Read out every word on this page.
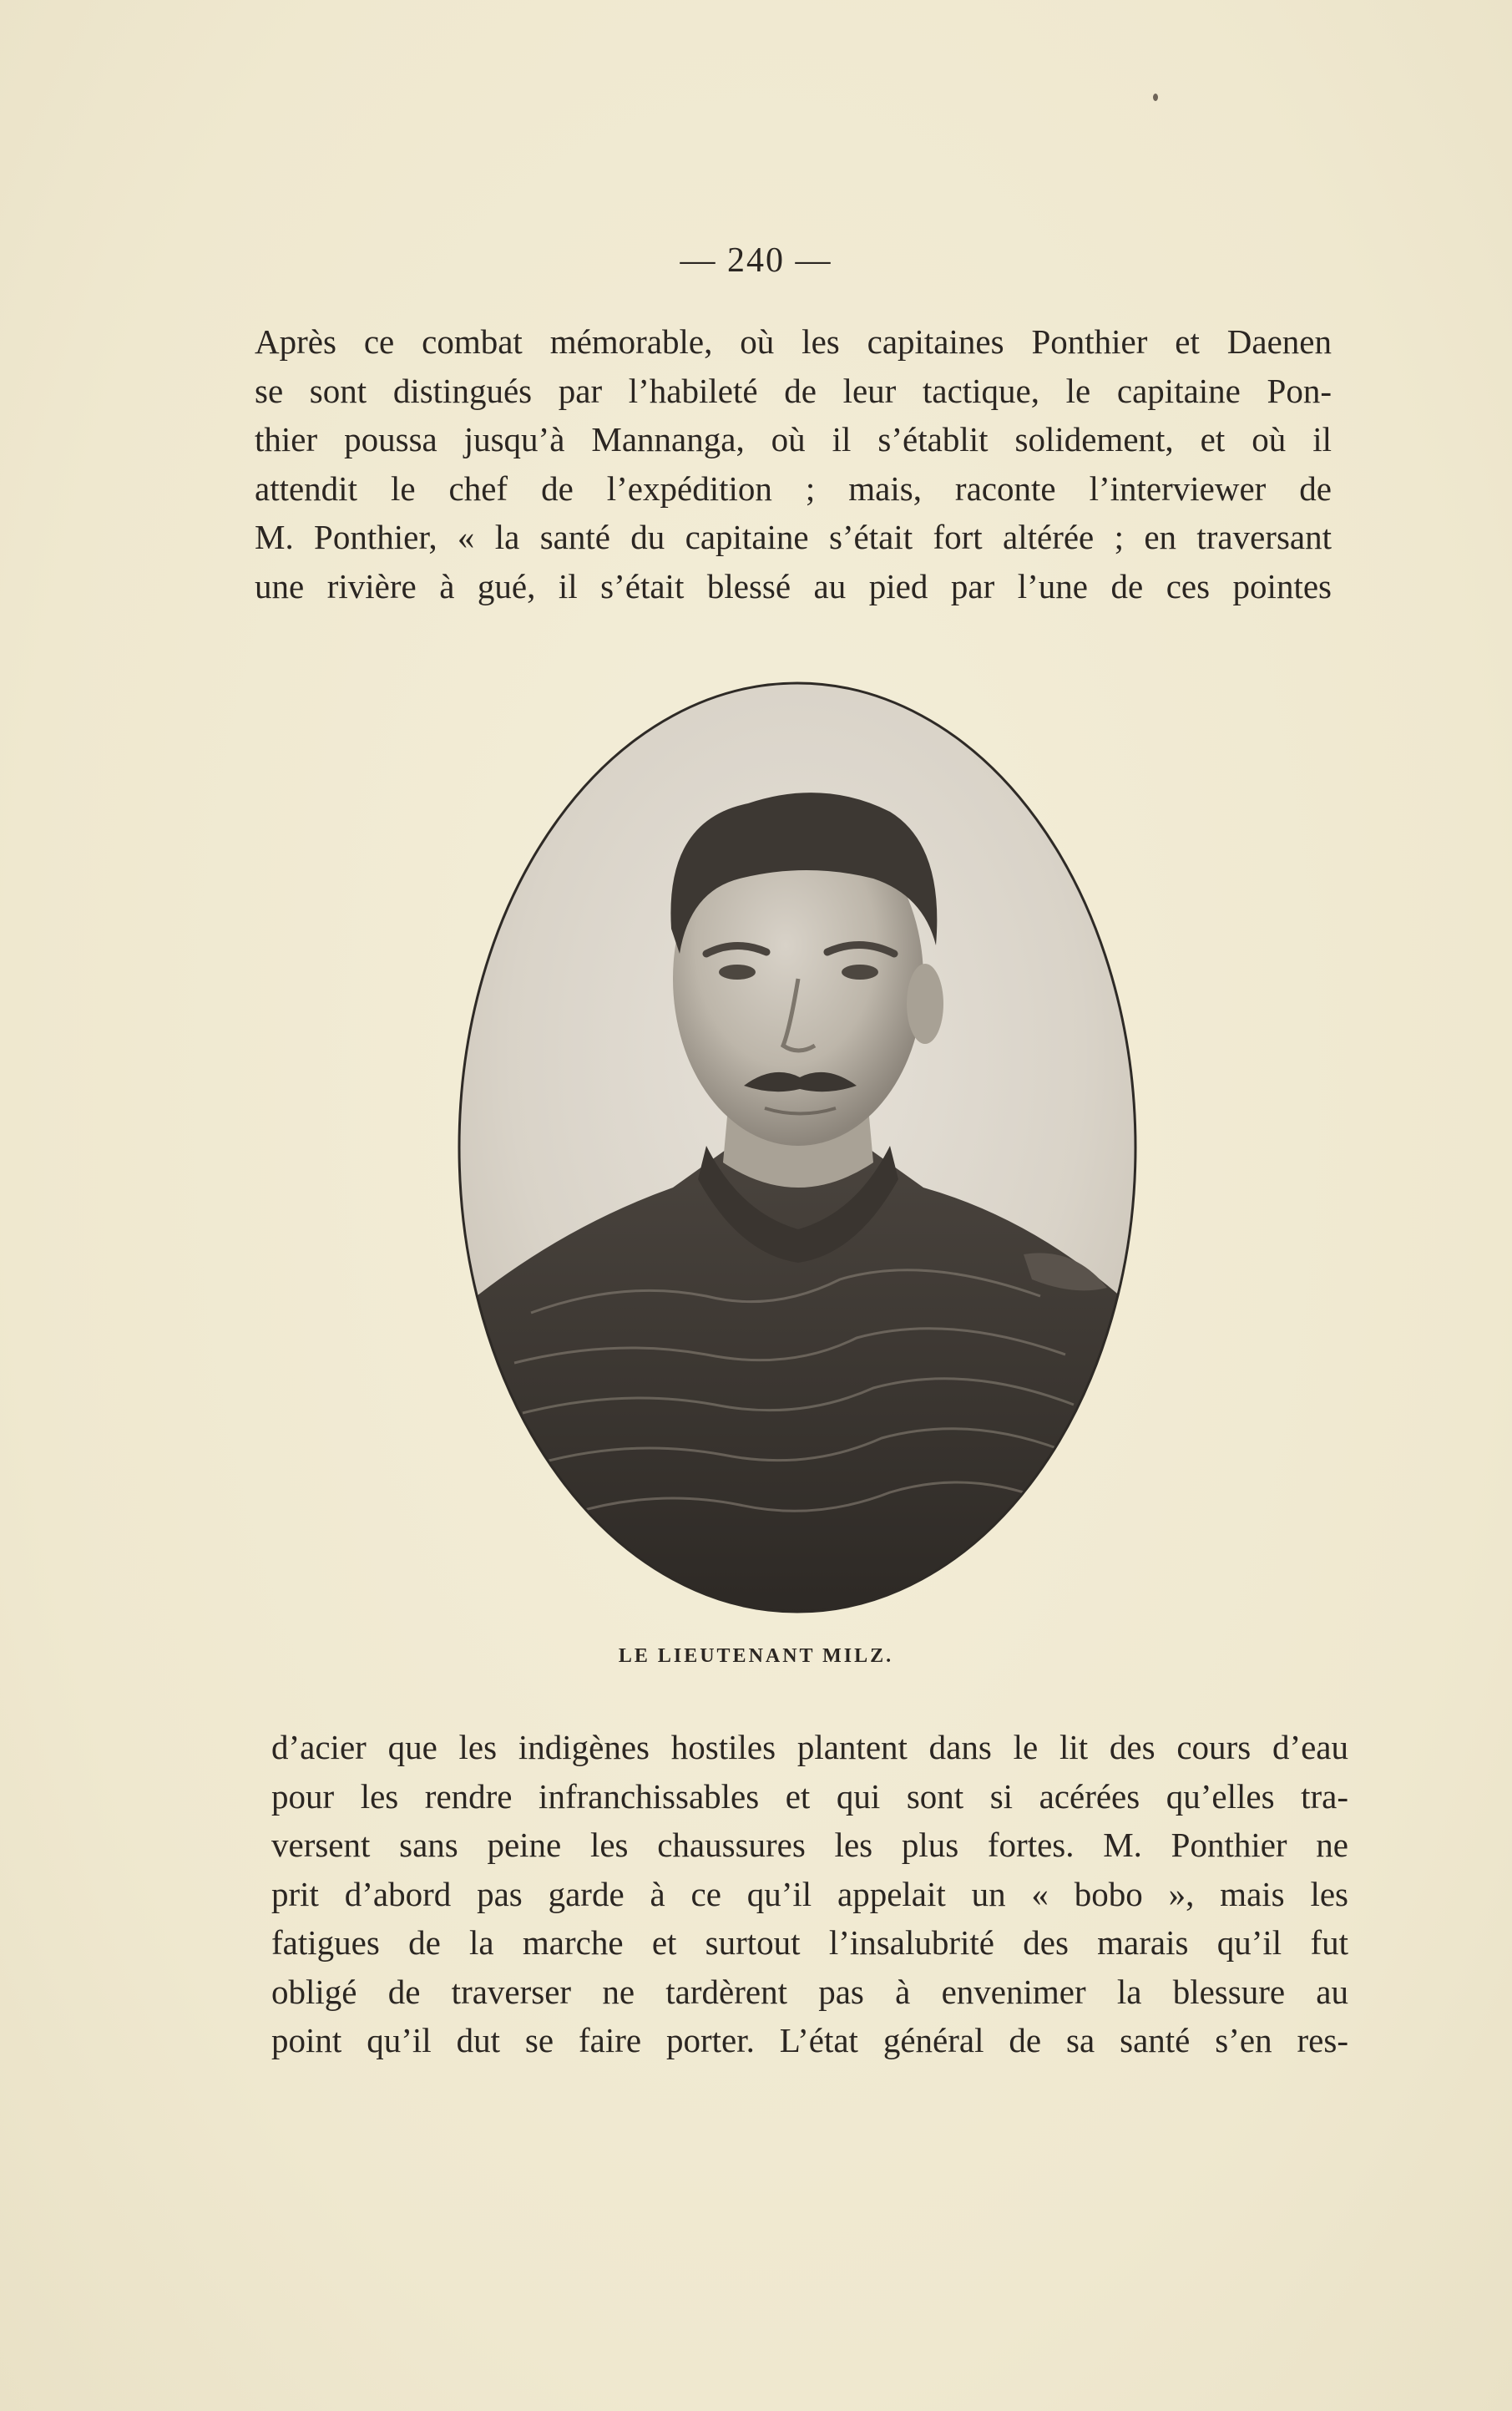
— 240 —
Après ce combat mémorable, où les capitaines Ponthier et Daenen
se sont distingués par l’habileté de leur tactique, le capitaine Pon-
thier poussa jusqu’à Mannanga, où il s’établit solidement, et où il
attendit le chef de l’expédition ; mais, raconte l’interviewer de
M. Ponthier, « la santé du capitaine s’était fort altérée ; en traversant
une rivière à gué, il s’était blessé au pied par l’une de ces pointes
LE LIEUTENANT MILZ.
d’acier que les indigènes hostiles plantent dans le lit des cours d’eau
pour les rendre infranchissables et qui sont si acérées qu’elles tra-
versent sans peine les chaussures les plus fortes. M. Ponthier ne
prit d’abord pas garde à ce qu’il appelait un « bobo », mais les
fatigues de la marche et surtout l’insalubrité des marais qu’il fut
obligé de traverser ne tardèrent pas à envenimer la blessure au
point qu’il dut se faire porter. L’état général de sa santé s’en res-
